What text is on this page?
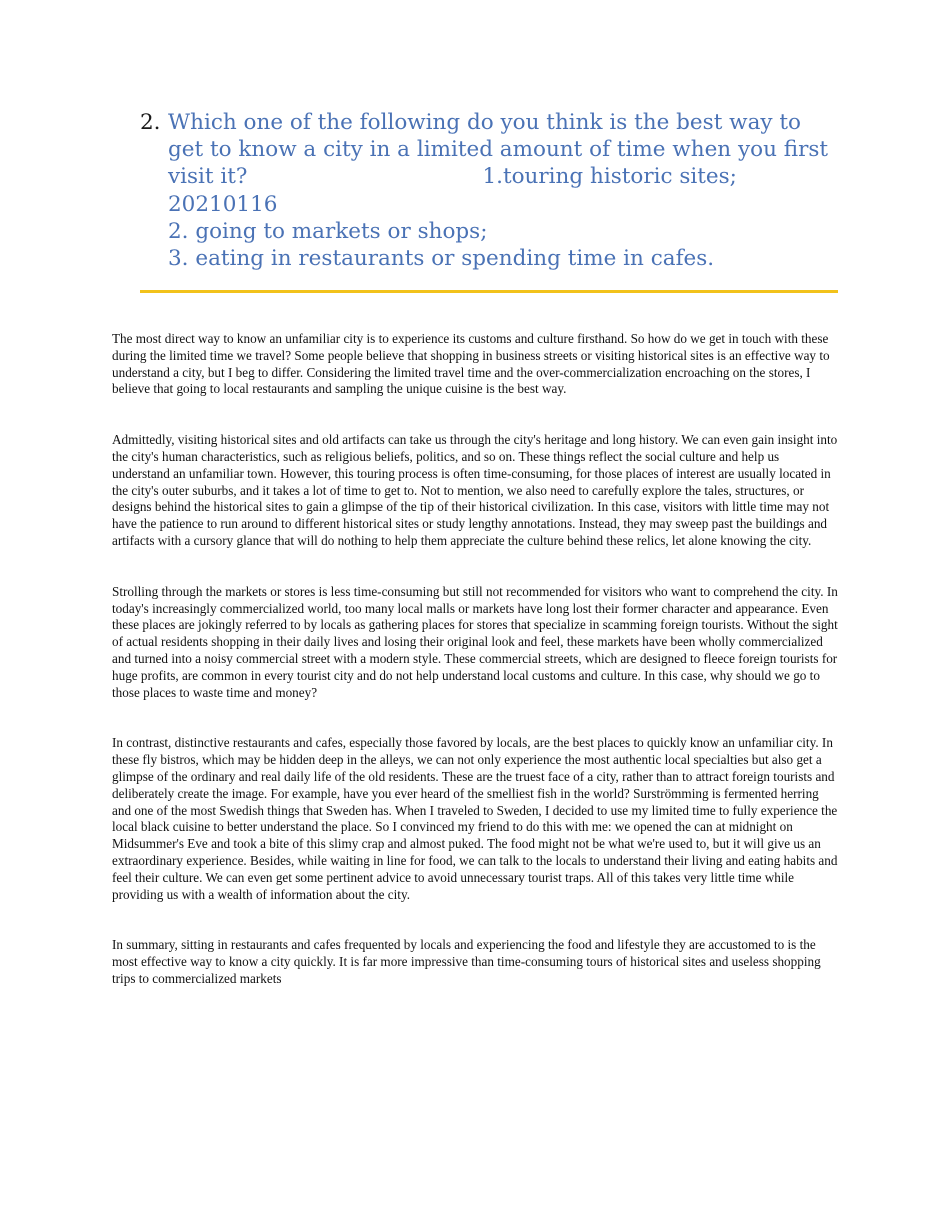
2. Which one of the following do you think is the best way to
get to know a city in a limited amount of time when you first
visit it?	1.touring historic sites;
20210116
2. going to markets or shops;
3. eating in restaurants or spending time in cafes.

The most direct way to know an unfamiliar city is to experience its customs and culture firsthand. So how do we get in touch with these during the limited time we travel? Some people believe that shopping in business streets or visiting historical sites is an effective way to understand a city, but I beg to differ. Considering the limited travel time and the over-commercialization encroaching on the stores, I believe that going to local restaurants and sampling the unique cuisine is the best way.

Admittedly, visiting historical sites and old artifacts can take us through the city's heritage and long history. We can even gain insight into the city's human characteristics, such as religious beliefs, politics, and so on. These things reflect the social culture and help us understand an unfamiliar town. However, this touring process is often time-consuming, for those places of interest are usually located in the city's outer suburbs, and it takes a lot of time to get to. Not to mention, we also need to carefully explore the tales, structures, or designs behind the historical sites to gain a glimpse of the tip of their historical civilization. In this case, visitors with little time may not have the patience to run around to different historical sites or study lengthy annotations. Instead, they may sweep past the buildings and artifacts with a cursory glance that will do nothing to help them appreciate the culture behind these relics, let alone knowing the city.

Strolling through the markets or stores is less time-consuming but still not recommended for visitors who want to comprehend the city. In today's increasingly commercialized world, too many local malls or markets have long lost their former character and appearance. Even these places are jokingly referred to by locals as gathering places for stores that specialize in scamming foreign tourists. Without the sight of actual residents shopping in their daily lives and losing their original look and feel, these markets have been wholly commercialized and turned into a noisy commercial street with a modern style. These commercial streets, which are designed to fleece foreign tourists for huge profits, are common in every tourist city and do not help understand local customs and culture. In this case, why should we go to those places to waste time and money?

In contrast, distinctive restaurants and cafes, especially those favored by locals, are the best places to quickly know an unfamiliar city. In these fly bistros, which may be hidden deep in the alleys, we can not only experience the most authentic local specialties but also get a glimpse of the ordinary and real daily life of the old residents. These are the truest face of a city, rather than to attract foreign tourists and deliberately create the image. For example, have you ever heard of the smelliest fish in the world? Surströmming is fermented herring and one of the most Swedish things that Sweden has. When I traveled to Sweden, I decided to use my limited time to fully experience the local black cuisine to better understand the place. So I convinced my friend to do this with me: we opened the can at midnight on Midsummer's Eve and took a bite of this slimy crap and almost puked. The food might not be what we're used to, but it will give us an extraordinary experience. Besides, while waiting in line for food, we can talk to the locals to understand their living and eating habits and feel their culture. We can even get some pertinent advice to avoid unnecessary tourist traps. All of this takes very little time while providing us with a wealth of information about the city.

In summary, sitting in restaurants and cafes frequented by locals and experiencing the food and lifestyle they are accustomed to is the most effective way to know a city quickly. It is far more impressive than time-consuming tours of historical sites and useless shopping trips to commercialized markets
